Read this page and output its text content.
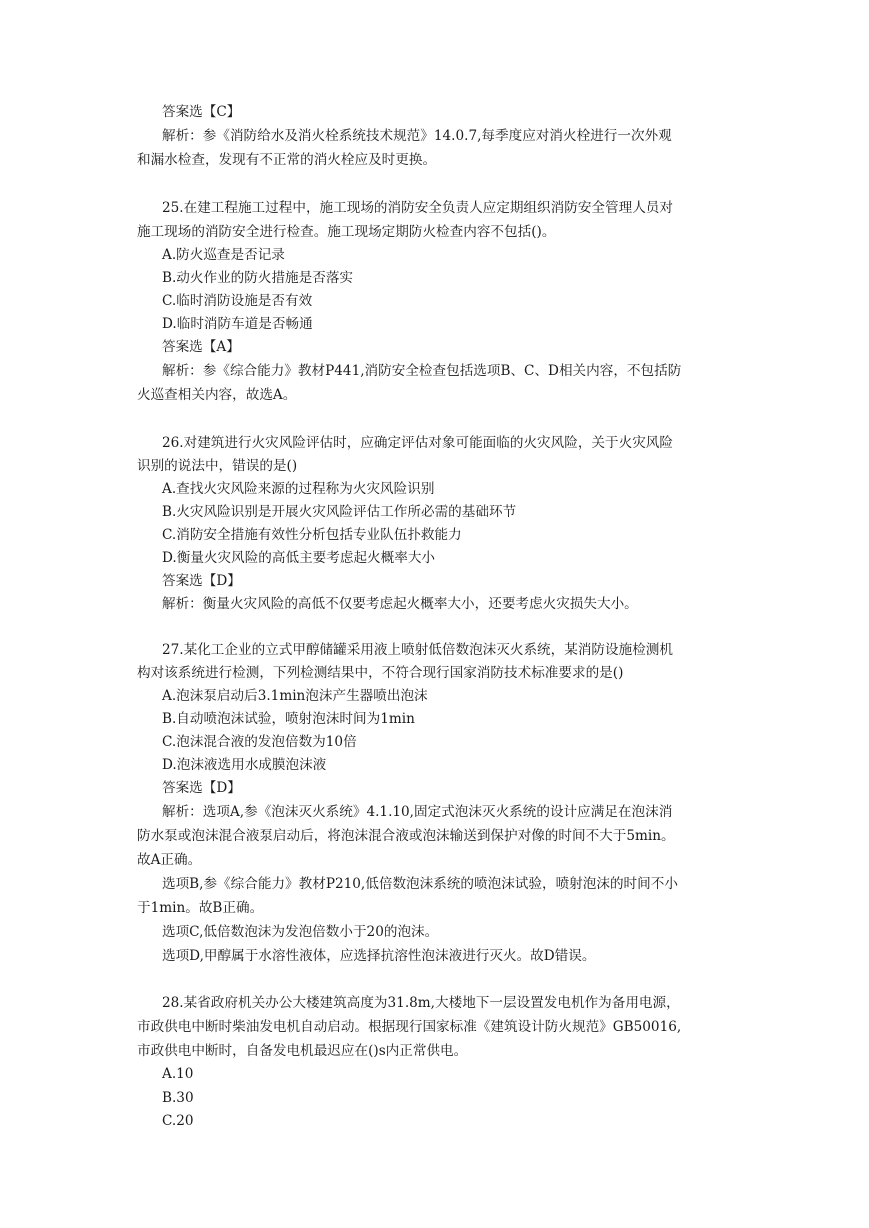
答案选【C】
解析：参《消防给水及消火栓系统技术规范》14.0.7,每季度应对消火栓进行一次外观
和漏水检查，发现有不正常的消火栓应及时更换。
25.在建工程施工过程中，施工现场的消防安全负责人应定期组织消防安全管理人员对
施工现场的消防安全进行检查。施工现场定期防火检查内容不包括()。
A.防火巡查是否记录
B.动火作业的防火措施是否落实
C.临时消防设施是否有效
D.临时消防车道是否畅通
答案选【A】
解析：参《综合能力》教材P441,消防安全检查包括选项B、C、D相关内容，不包括防
火巡查相关内容，故选A。
26.对建筑进行火灾风险评估时，应确定评估对象可能面临的火灾风险，关于火灾风险
识别的说法中，错误的是()
A.查找火灾风险来源的过程称为火灾风险识别
B.火灾风险识别是开展火灾风险评估工作所必需的基础环节
C.消防安全措施有效性分析包括专业队伍扑救能力
D.衡量火灾风险的高低主要考虑起火概率大小
答案选【D】
解析：衡量火灾风险的高低不仅要考虑起火概率大小，还要考虑火灾损失大小。
27.某化工企业的立式甲醇储罐采用液上喷射低倍数泡沫灭火系统，某消防设施检测机
构对该系统进行检测，下列检测结果中，不符合现行国家消防技术标准要求的是()
A.泡沫泵启动后3.1min泡沫产生器喷出泡沫
B.自动喷泡沫试验，喷射泡沫时间为1min
C.泡沫混合液的发泡倍数为10倍
D.泡沫液选用水成膜泡沫液
答案选【D】
解析：选项A,参《泡沫灭火系统》4.1.10,固定式泡沫灭火系统的设计应满足在泡沫消
防水泵或泡沫混合液泵启动后，将泡沫混合液或泡沫输送到保护对像的时间不大于5min。
故A正确。
选项B,参《综合能力》教材P210,低倍数泡沫系统的喷泡沫试验，喷射泡沫的时间不小
于1min。故B正确。
选项C,低倍数泡沫为发泡倍数小于20的泡沫。
选项D,甲醇属于水溶性液体，应选择抗溶性泡沫液进行灭火。故D错误。
28.某省政府机关办公大楼建筑高度为31.8m,大楼地下一层设置发电机作为备用电源，
市政供电中断时柴油发电机自动启动。根据现行国家标准《建筑设计防火规范》GB50016,
市政供电中断时，自备发电机最迟应在()s内正常供电。
A.10
B.30
C.20
